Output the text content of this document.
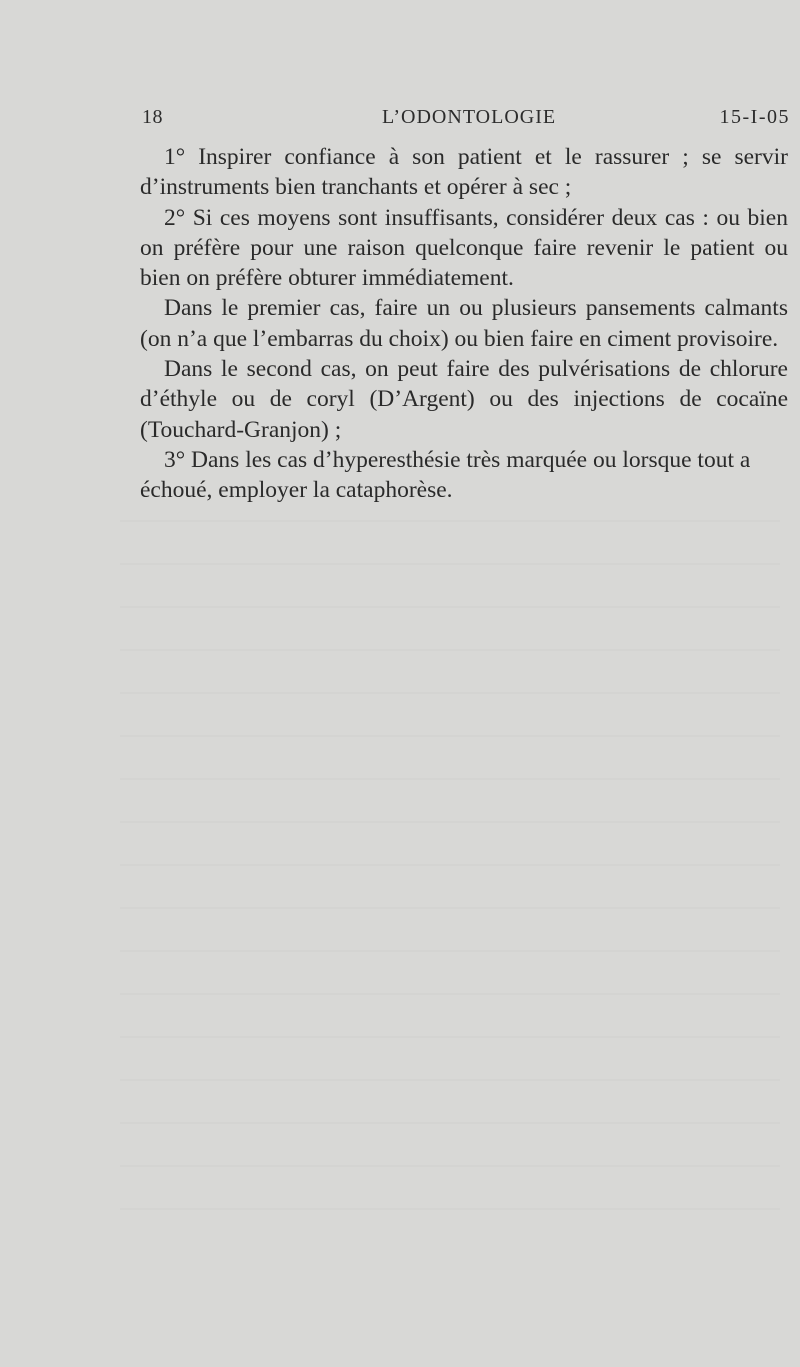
18	L’ODONTOLOGIE	15-I-05

1° Inspirer confiance à son patient et le rassurer ; se servir d’instruments bien tranchants et opérer à sec ;

2° Si ces moyens sont insuffisants, considérer deux cas : ou bien on préfère pour une raison quelconque faire revenir le patient ou bien on préfère obturer immédiatement.

Dans le premier cas, faire un ou plusieurs pansements calmants (on n’a que l’embarras du choix) ou bien faire en ciment provisoire.

Dans le second cas, on peut faire des pulvérisations de chlorure d’éthyle ou de coryl (D’Argent) ou des injections de cocaïne (Touchard-Granjon) ;

3° Dans les cas d’hyperesthésie très marquée ou lorsque tout a échoué, employer la cataphorèse.
